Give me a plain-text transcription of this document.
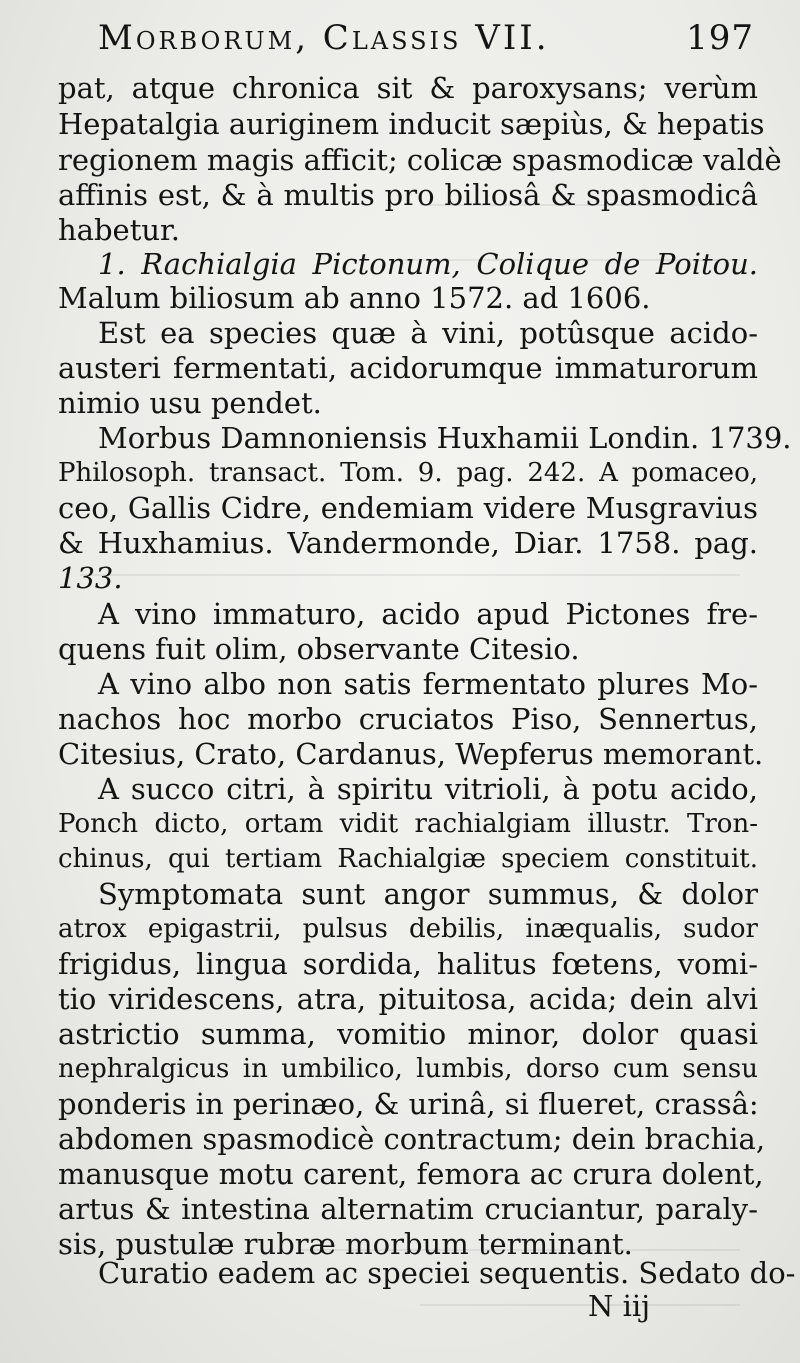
Morborum, Classis VII.	197
pat, atque chronica sit & paroxysans; verùm
Hepatalgia auriginem inducit sæpiùs, & hepatis
regionem magis afficit; colicæ spasmodicæ valdè
affinis est, & à multis pro biliosâ & spasmodicâ
habetur.
1. Rachialgia Pictonum, Colique de Poitou.
Malum biliosum ab anno 1572. ad 1606.
Est ea species quæ à vini, potûsque acido-
austeri fermentati, acidorumque immaturorum
nimio usu pendet.
Morbus Damnoniensis Huxhamii Londin. 1739.
Philosoph. transact. Tom. 9. pag. 242. A pomaceo,
ceo, Gallis Cidre, endemiam videre Musgravius
& Huxhamius. Vandermonde, Diar. 1758. pag.
133.
A vino immaturo, acido apud Pictones fre-
quens fuit olim, observante Citesio.
A vino albo non satis fermentato plures Mo-
nachos hoc morbo cruciatos Piso, Sennertus,
Citesius, Crato, Cardanus, Wepferus memorant.
A succo citri, à spiritu vitrioli, à potu acido,
Ponch dicto, ortam vidit rachialgiam illustr. Tron-
chinus, qui tertiam Rachialgiæ speciem constituit.
Symptomata sunt angor summus, & dolor
atrox epigastrii, pulsus debilis, inæqualis, sudor
frigidus, lingua sordida, halitus fœtens, vomi-
tio viridescens, atra, pituitosa, acida; dein alvi
astrictio summa, vomitio minor, dolor quasi
nephralgicus in umbilico, lumbis, dorso cum sensu
ponderis in perinæo, & urinâ, si flueret, crassâ:
abdomen spasmodicè contractum; dein brachia,
manusque motu carent, femora ac crura dolent,
artus & intestina alternatim cruciantur, paraly-
sis, pustulæ rubræ morbum terminant.
Curatio eadem ac speciei sequentis. Sedato do-
N iij
